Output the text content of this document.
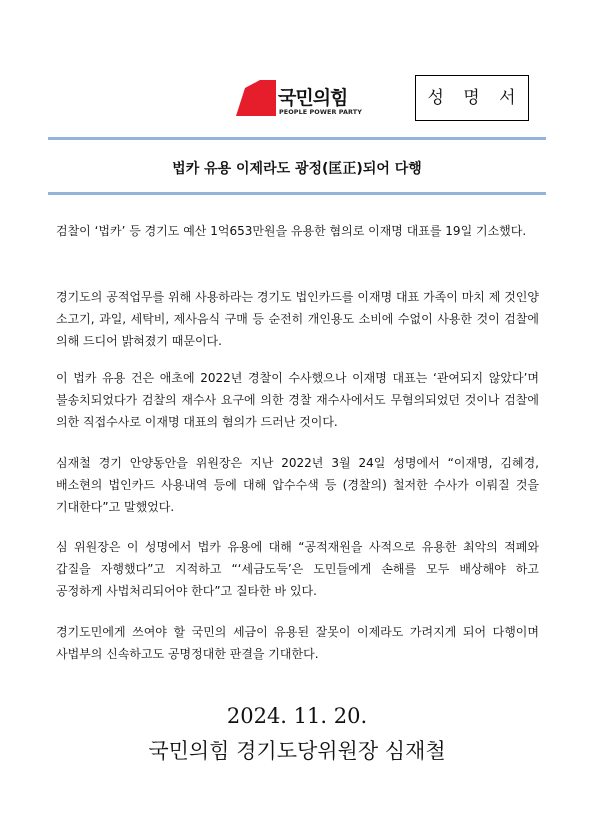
국민의힘
PEOPLE POWER PARTY
성 명 서
법카 유용 이제라도 광정(匡正)되어 다행

검찰이 ‘법카’ 등 경기도 예산 1억653만원을 유용한 혐의로 이재명 대표를 19일 기소했다.

경기도의 공적업무를 위해 사용하라는 경기도 법인카드를 이재명 대표 가족이 마치 제 것인양 소고기, 과일, 세탁비, 제사음식 구매 등 순전히 개인용도 소비에 수없이 사용한 것이 검찰에 의해 드디어 밝혀졌기 때문이다.

이 법카 유용 건은 애초에 2022년 경찰이 수사했으나 이재명 대표는 ‘관여되지 않았다’며 불송치되었다가 검찰의 재수사 요구에 의한 경찰 재수사에서도 무혐의되었던 것이나 검찰에 의한 직접수사로 이재명 대표의 혐의가 드러난 것이다.

심재철 경기 안양동안을 위원장은 지난 2022년 3월 24일 성명에서 “이재명, 김혜경, 배소현의 법인카드 사용내역 등에 대해 압수수색 등 (경찰의) 철저한 수사가 이뤄질 것을 기대한다”고 말했었다.

심 위원장은 이 성명에서 법카 유용에 대해 “공적재원을 사적으로 유용한 최악의 적폐와 갑질을 자행했다”고 지적하고 “‘세금도둑’은 도민들에게 손해를 모두 배상해야 하고 공정하게 사법처리되어야 한다”고 질타한 바 있다.

경기도민에게 쓰여야 할 국민의 세금이 유용된 잘못이 이제라도 가려지게 되어 다행이며 사법부의 신속하고도 공명정대한 판결을 기대한다.

2024. 11. 20.
국민의힘 경기도당위원장 심재철
